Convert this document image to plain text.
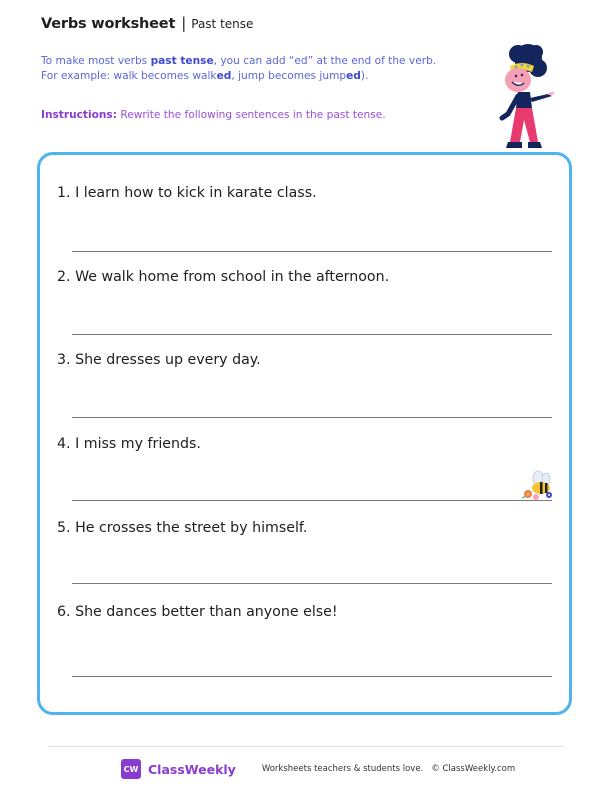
Verbs worksheet | Past tense
To make most verbs past tense, you can add “ed” at the end of the verb.
For example: walk becomes walked, jump becomes jumped).
Instructions: Rewrite the following sentences in the past tense.
1. I learn how to kick in karate class.
2. We walk home from school in the afternoon.
3. She dresses up every day.
4. I miss my friends.
5. He crosses the street by himself.
6. She dances better than anyone else!
CW ClassWeekly	Worksheets teachers & students love. © ClassWeekly.com
